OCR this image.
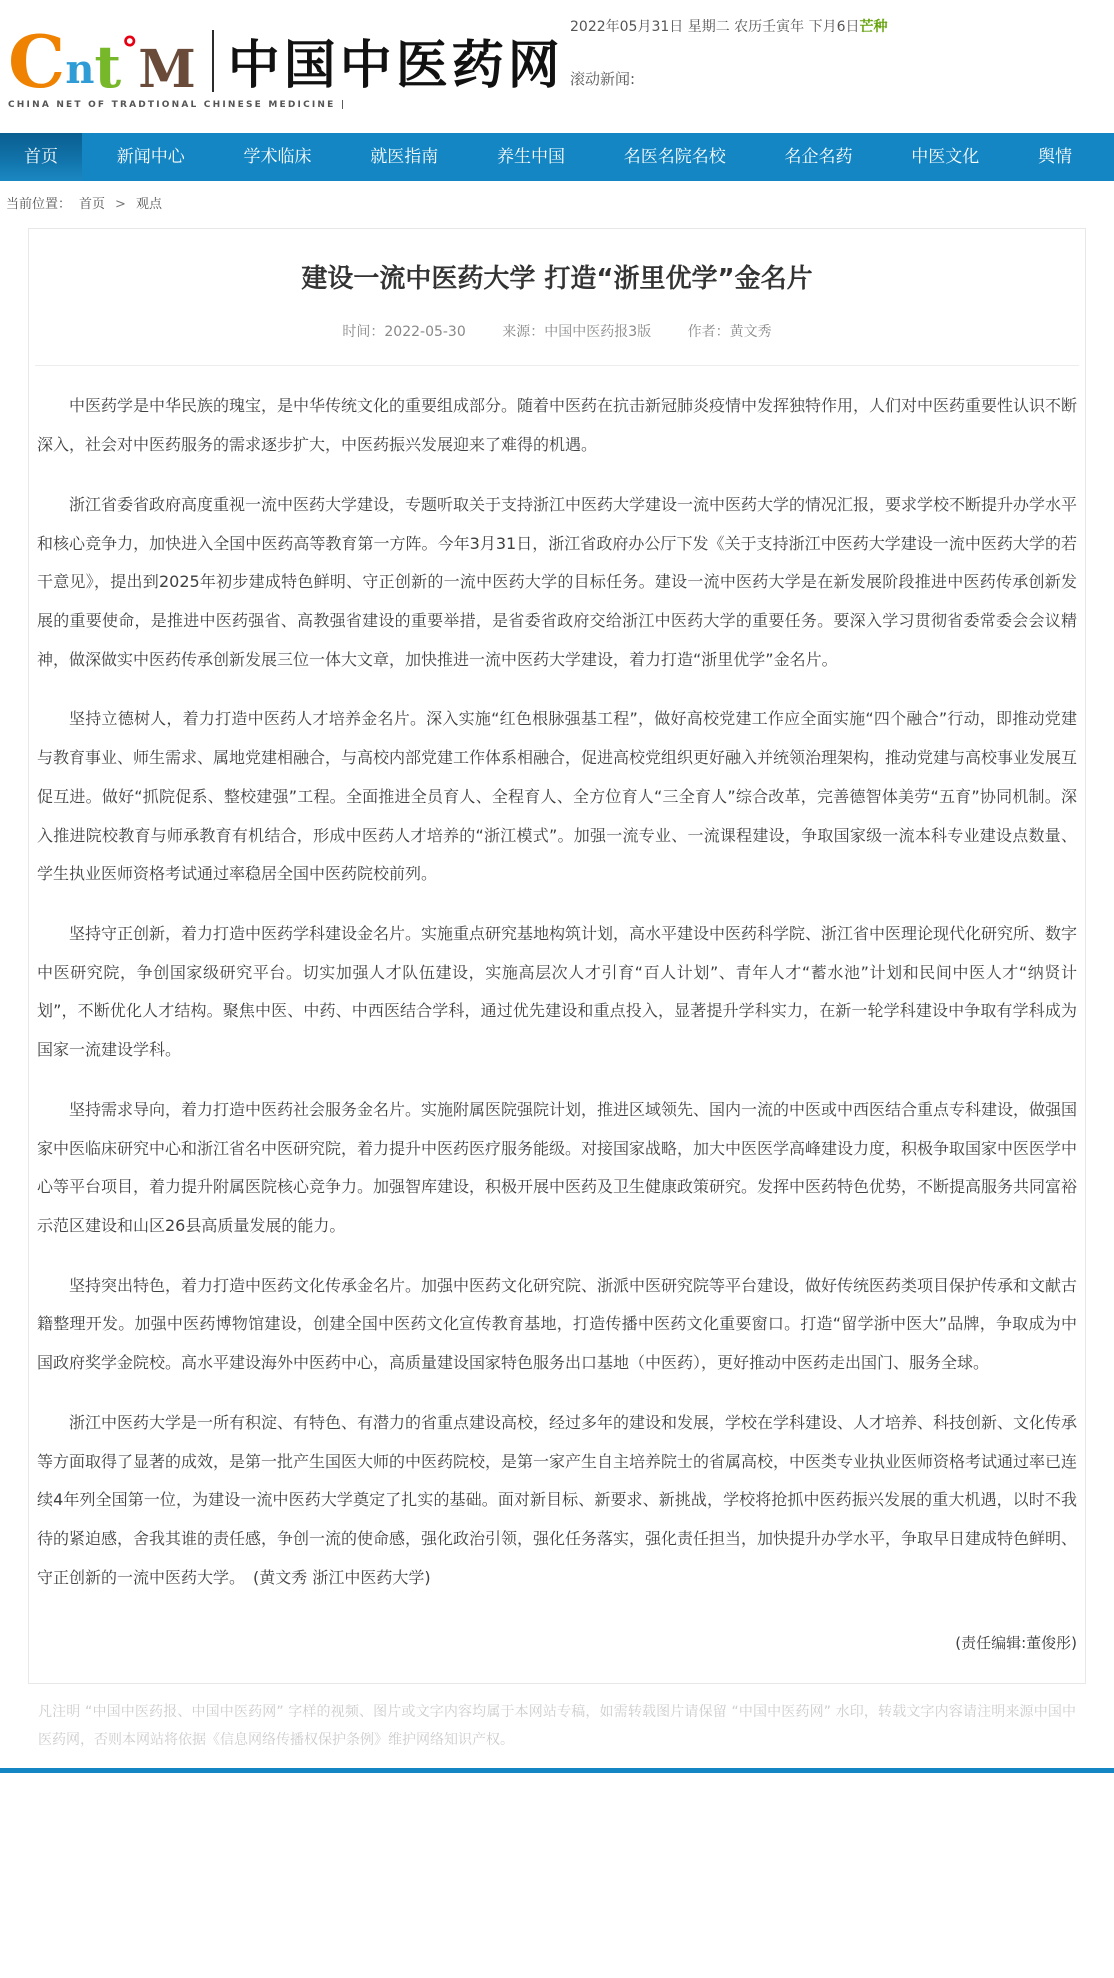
Cnt°M 中国中医药网
CHINA NET OF TRADTIONAL CHINESE MEDICINE |
2022年05月31日 星期二 农历壬寅年 下月6日芒种
滚动新闻:
首页	新闻中心	学术临床	就医指南	养生中国	名医名院名校	名企名药	中医文化	舆情
当前位置： 首页 > 观点
建设一流中医药大学 打造“浙里优学”金名片
时间：2022-05-30	来源：中国中医药报3版	作者：黄文秀

中医药学是中华民族的瑰宝，是中华传统文化的重要组成部分。随着中医药在抗击新冠肺炎疫情中发挥独特作用，人们对中医药重要性认识不断深入，社会对中医药服务的需求逐步扩大，中医药振兴发展迎来了难得的机遇。

浙江省委省政府高度重视一流中医药大学建设，专题听取关于支持浙江中医药大学建设一流中医药大学的情况汇报，要求学校不断提升办学水平和核心竞争力，加快进入全国中医药高等教育第一方阵。今年3月31日，浙江省政府办公厅下发《关于支持浙江中医药大学建设一流中医药大学的若干意见》，提出到2025年初步建成特色鲜明、守正创新的一流中医药大学的目标任务。建设一流中医药大学是在新发展阶段推进中医药传承创新发展的重要使命，是推进中医药强省、高教强省建设的重要举措，是省委省政府交给浙江中医药大学的重要任务。要深入学习贯彻省委常委会会议精神，做深做实中医药传承创新发展三位一体大文章，加快推进一流中医药大学建设，着力打造“浙里优学”金名片。

坚持立德树人，着力打造中医药人才培养金名片。深入实施“红色根脉强基工程”，做好高校党建工作应全面实施“四个融合”行动，即推动党建与教育事业、师生需求、属地党建相融合，与高校内部党建工作体系相融合，促进高校党组织更好融入并统领治理架构，推动党建与高校事业发展互促互进。做好“抓院促系、整校建强”工程。全面推进全员育人、全程育人、全方位育人“三全育人”综合改革，完善德智体美劳“五育”协同机制。深入推进院校教育与师承教育有机结合，形成中医药人才培养的“浙江模式”。加强一流专业、一流课程建设，争取国家级一流本科专业建设点数量、学生执业医师资格考试通过率稳居全国中医药院校前列。

坚持守正创新，着力打造中医药学科建设金名片。实施重点研究基地构筑计划，高水平建设中医药科学院、浙江省中医理论现代化研究所、数字中医研究院，争创国家级研究平台。切实加强人才队伍建设，实施高层次人才引育“百人计划”、青年人才“蓄水池”计划和民间中医人才“纳贤计划”，不断优化人才结构。聚焦中医、中药、中西医结合学科，通过优先建设和重点投入，显著提升学科实力，在新一轮学科建设中争取有学科成为国家一流建设学科。

坚持需求导向，着力打造中医药社会服务金名片。实施附属医院强院计划，推进区域领先、国内一流的中医或中西医结合重点专科建设，做强国家中医临床研究中心和浙江省名中医研究院，着力提升中医药医疗服务能级。对接国家战略，加大中医医学高峰建设力度，积极争取国家中医医学中心等平台项目，着力提升附属医院核心竞争力。加强智库建设，积极开展中医药及卫生健康政策研究。发挥中医药特色优势，不断提高服务共同富裕示范区建设和山区26县高质量发展的能力。

坚持突出特色，着力打造中医药文化传承金名片。加强中医药文化研究院、浙派中医研究院等平台建设，做好传统医药类项目保护传承和文献古籍整理开发。加强中医药博物馆建设，创建全国中医药文化宣传教育基地，打造传播中医药文化重要窗口。打造“留学浙中医大”品牌，争取成为中国政府奖学金院校。高水平建设海外中医药中心，高质量建设国家特色服务出口基地（中医药），更好推动中医药走出国门、服务全球。

浙江中医药大学是一所有积淀、有特色、有潜力的省重点建设高校，经过多年的建设和发展，学校在学科建设、人才培养、科技创新、文化传承等方面取得了显著的成效，是第一批产生国医大师的中医药院校，是第一家产生自主培养院士的省属高校，中医类专业执业医师资格考试通过率已连续4年列全国第一位，为建设一流中医药大学奠定了扎实的基础。面对新目标、新要求、新挑战，学校将抢抓中医药振兴发展的重大机遇，以时不我待的紧迫感，舍我其谁的责任感，争创一流的使命感，强化政治引领，强化任务落实，强化责任担当，加快提升办学水平，争取早日建成特色鲜明、守正创新的一流中医药大学。　(黄文秀 浙江中医药大学)

(责任编辑:董俊彤)
凡注明 “中国中医药报、中国中医药网” 字样的视频、图片或文字内容均属于本网站专稿，如需转载图片请保留 “中国中医药网” 水印，转载文字内容请注明来源中国中医药网，否则本网站将依据《信息网络传播权保护条例》维护网络知识产权。
